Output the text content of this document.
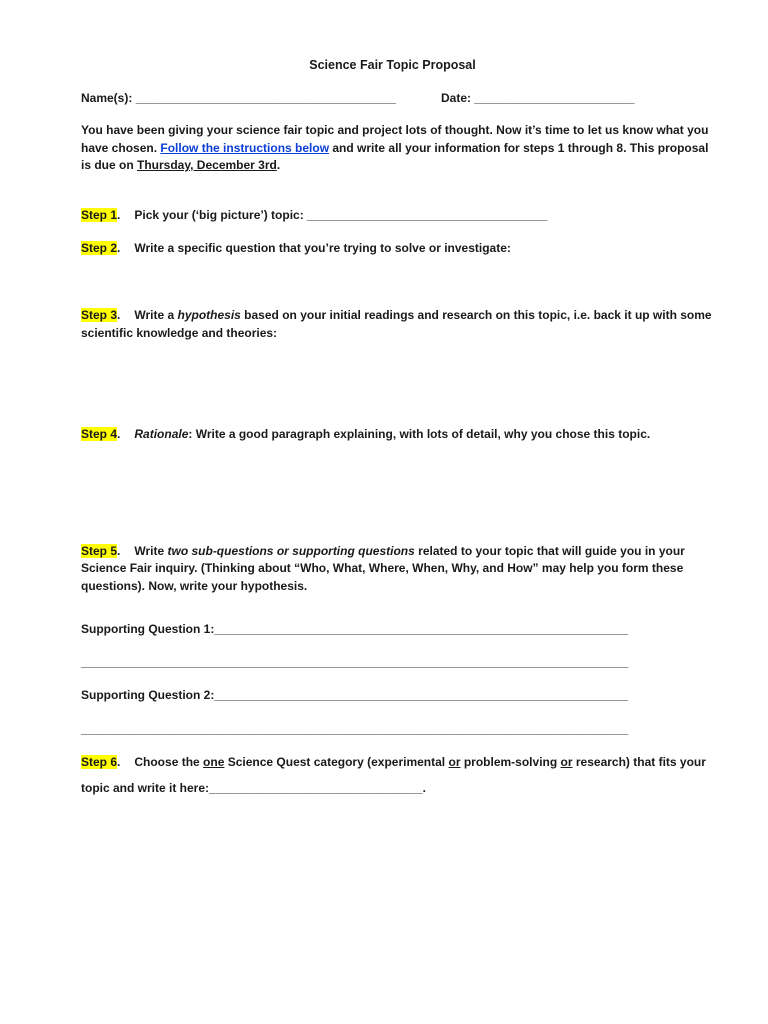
Science Fair Topic Proposal
Name(s): _______________________________________	Date: ________________________
You have been giving your science fair topic and project lots of thought. Now it’s time to let us know what you
have chosen. Follow the instructions below and write all your information for steps 1 through 8. This proposal
is due on Thursday, December 3rd.
Step 1. Pick your (‘big picture’) topic: ____________________________________
Step 2. Write a specific question that you’re trying to solve or investigate:
Step 3. Write a hypothesis based on your initial readings and research on this topic, i.e. back it up with some
scientific knowledge and theories:
Step 4. Rationale: Write a good paragraph explaining, with lots of detail, why you chose this topic.
Step 5. Write two sub-questions or supporting questions related to your topic that will guide you in your
Science Fair inquiry. (Thinking about “Who, What, Where, When, Why, and How” may help you form these
questions). Now, write your hypothesis.
Supporting Question 1:______________________________________________________________
__________________________________________________________________________________
Supporting Question 2:______________________________________________________________
__________________________________________________________________________________
Step 6. Choose the one Science Quest category (experimental or problem-solving or research) that fits your
topic and write it here:________________________________.
